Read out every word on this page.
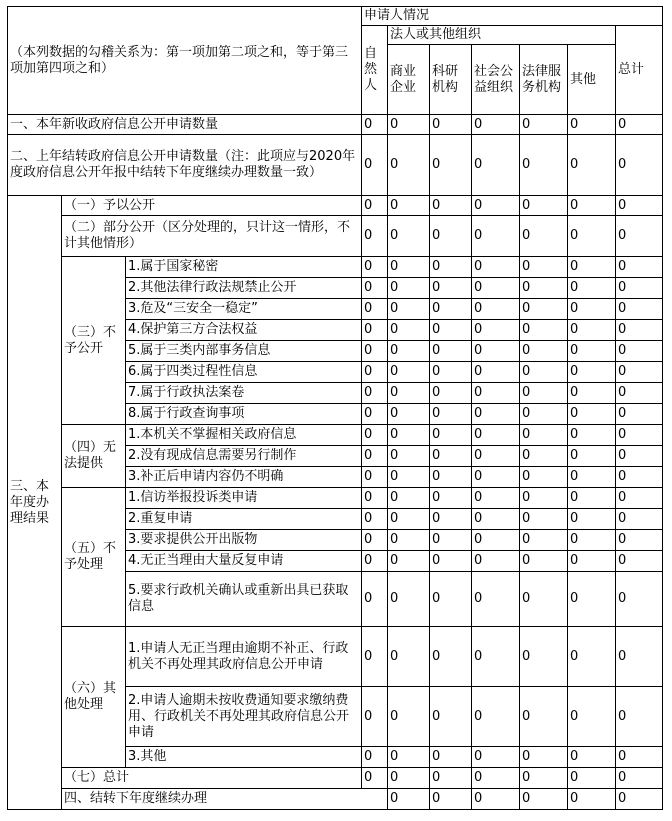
（本列数据的勾稽关系为：第一项加第二项之和，等于第三项加第四项之和）			申请人情况							
			自然人	法人或其他组织					总计	
				商业企业	科研机构	社会公益组织	法律服务机构	其他		
一、本年新收政府信息公开申请数量			0	0	0	0	0	0	0	
二、上年结转政府信息公开申请数量（注：此项应与2020年度政府信息公开年报中结转下年度继续办理数量一致）			0	0	0	0	0	0	0	
三、本年度办理结果	（一）予以公开		0	0	0	0	0	0	0	
	（二）部分公开（区分处理的，只计这一情形，不计其他情形）		0	0	0	0	0	0	0	
	（三）不予公开	1.属于国家秘密	0	0	0	0	0	0	0	
		2.其他法律行政法规禁止公开	0	0	0	0	0	0	0	
		3.危及“三安全一稳定”	0	0	0	0	0	0	0	
		4.保护第三方合法权益	0	0	0	0	0	0	0	
		5.属于三类内部事务信息	0	0	0	0	0	0	0	
		6.属于四类过程性信息	0	0	0	0	0	0	0	
		7.属于行政执法案卷	0	0	0	0	0	0	0	
		8.属于行政查询事项	0	0	0	0	0	0	0	
	（四）无法提供	1.本机关不掌握相关政府信息	0	0	0	0	0	0	0	
		2.没有现成信息需要另行制作	0	0	0	0	0	0	0	
		3.补正后申请内容仍不明确	0	0	0	0	0	0	0	
	（五）不予处理	1.信访举报投诉类申请	0	0	0	0	0	0	0	
		2.重复申请	0	0	0	0	0	0	0	
		3.要求提供公开出版物	0	0	0	0	0	0	0	
		4.无正当理由大量反复申请	0	0	0	0	0	0	0	
		5.要求行政机关确认或重新出具已获取信息	0	0	0	0	0	0	0	
	（六）其他处理	1.申请人无正当理由逾期不补正、行政机关不再处理其政府信息公开申请	0	0	0	0	0	0	0	
		2.申请人逾期未按收费通知要求缴纳费用、行政机关不再处理其政府信息公开申请	0	0	0	0	0	0	0	
		3.其他	0	0	0	0	0	0	0	
	（七）总计		0	0	0	0	0	0	0	
	四、结转下年度继续办理			0	0	0	0	0	0	
